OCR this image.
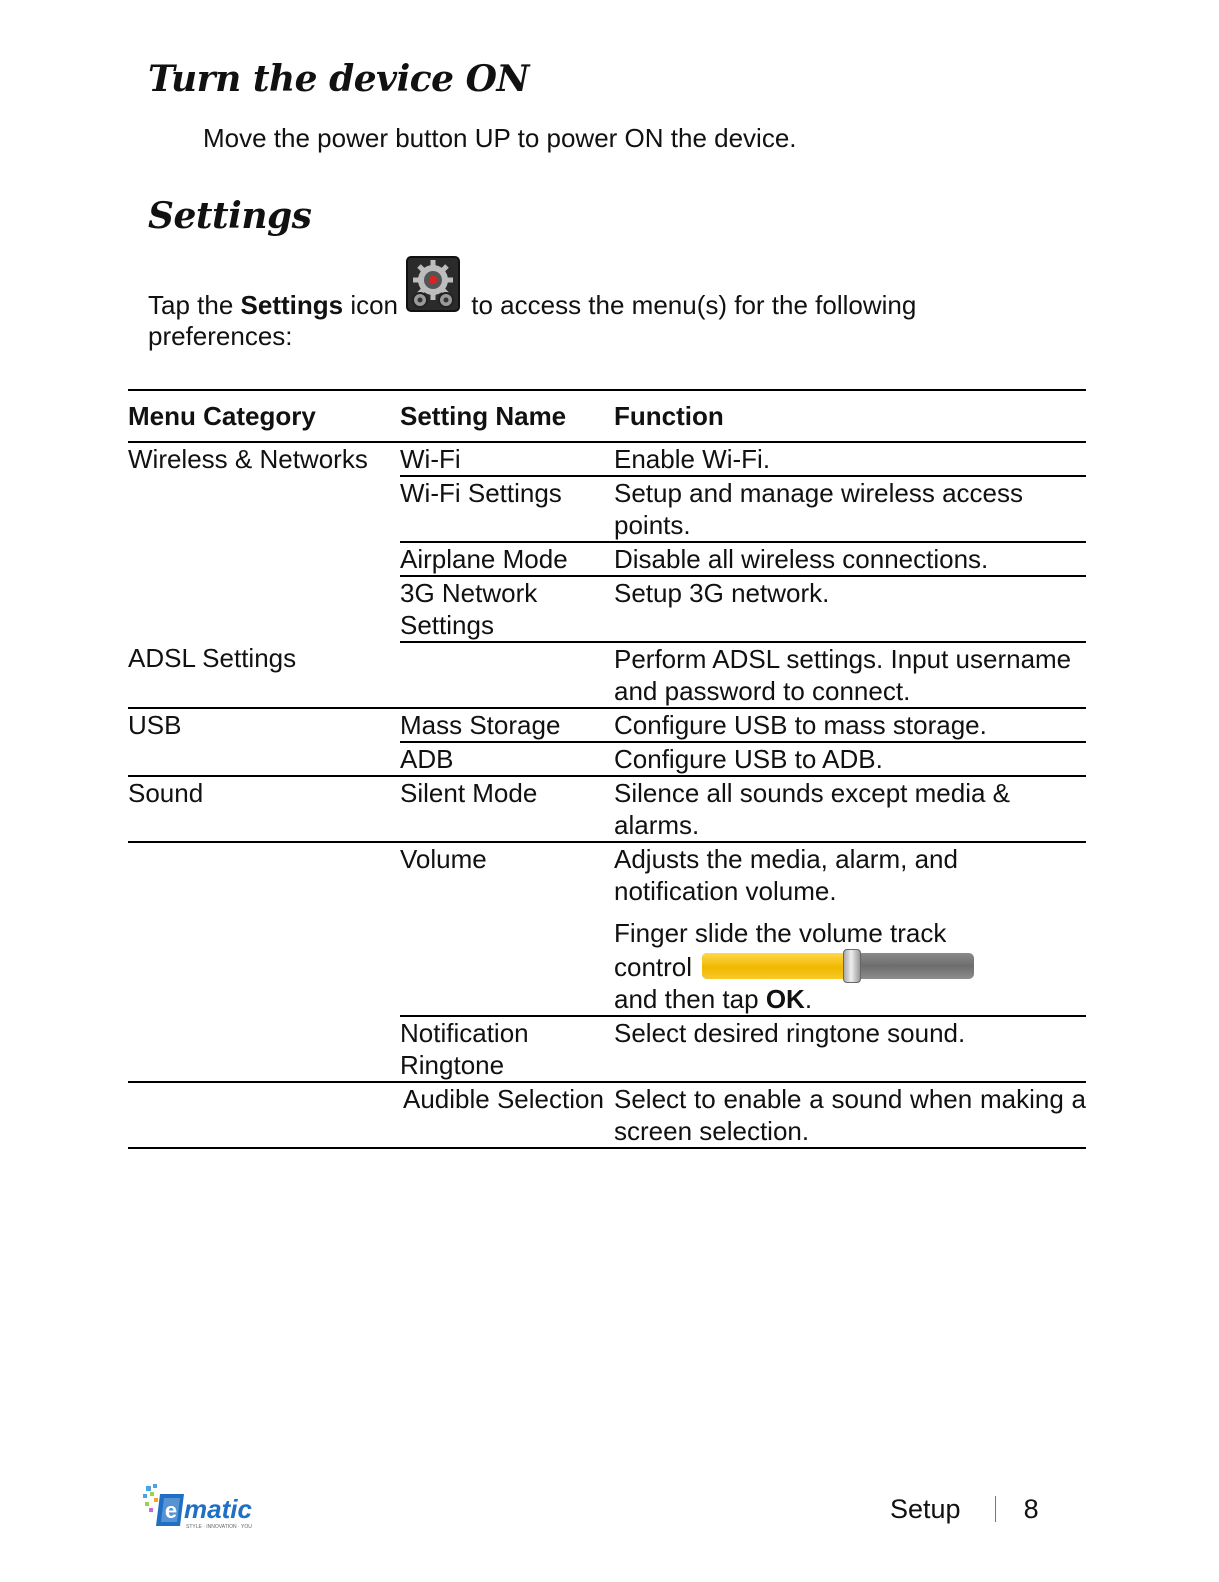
Turn the device ON

Move the power button UP to power ON the device.

Settings

Tap the Settings icon	to access the menu(s) for the following preferences:

Menu Category	Setting Name	Function
Wireless & Networks	Wi-Fi	Enable Wi-Fi.
	Wi-Fi Settings	Setup and manage wireless access points.
	Airplane Mode	Disable all wireless connections.
	3G Network Settings	Setup 3G network.
ADSL Settings		Perform ADSL settings. Input username and password to connect.
USB	Mass Storage	Configure USB to mass storage.
	ADB	Configure USB to ADB.
Sound	Silent Mode	Silence all sounds except media & alarms.
	Volume	Adjusts the media, alarm, and notification volume.
Finger slide the volume track
control
and then tap OK.

	Notification Ringtone	Select desired ringtone sound.
	Audible Selection	Select to enable a sound when making a screen selection.
e matic
STYLE · INNOVATION · YOU
Setup 8
